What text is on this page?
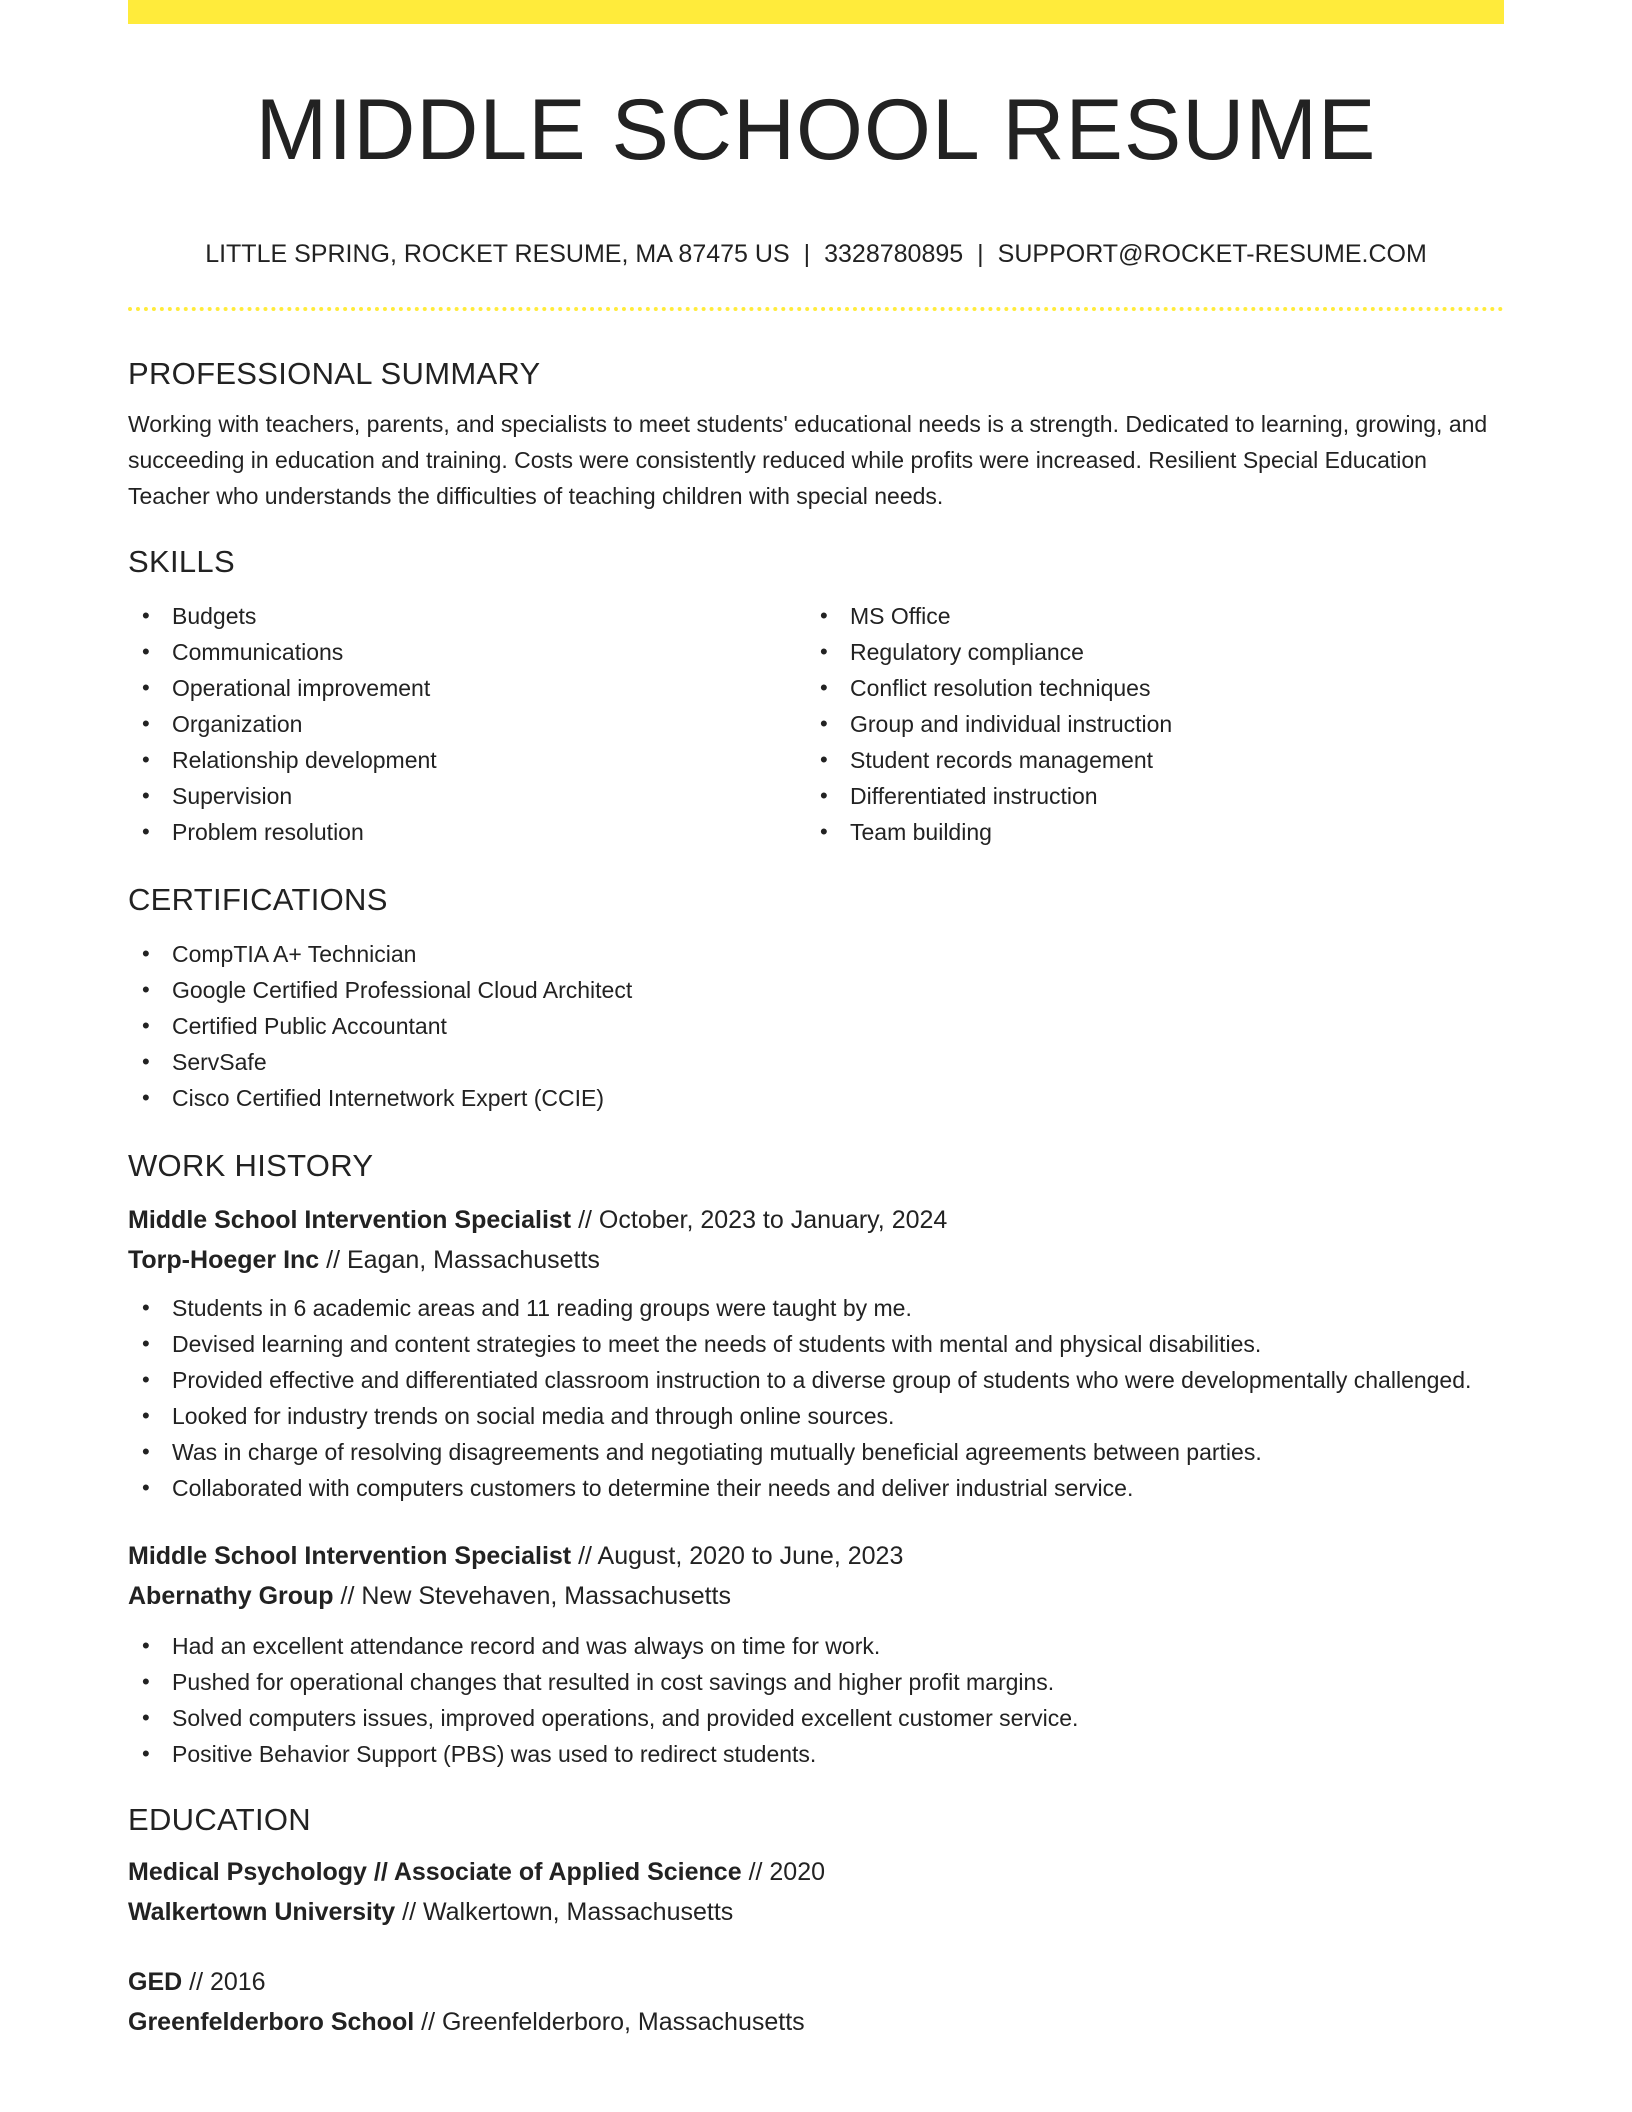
MIDDLE SCHOOL RESUME
LITTLE SPRING, ROCKET RESUME, MA 87475 US | 3328780895 | SUPPORT@ROCKET-RESUME.COM
PROFESSIONAL SUMMARY

Working with teachers, parents, and specialists to meet students' educational needs is a strength. Dedicated to learning, growing, and succeeding in education and training. Costs were consistently reduced while profits were increased. Resilient Special Education Teacher who understands the difficulties of teaching children with special needs.

SKILLS
• Budgets
• Communications
• Operational improvement
• Organization
• Relationship development
• Supervision
• Problem resolution
• MS Office
• Regulatory compliance
• Conflict resolution techniques
• Group and individual instruction
• Student records management
• Differentiated instruction
• Team building
CERTIFICATIONS
• CompTIA A+ Technician
• Google Certified Professional Cloud Architect
• Certified Public Accountant
• ServSafe
• Cisco Certified Internetwork Expert (CCIE)
WORK HISTORY
Middle School Intervention Specialist // October, 2023 to January, 2024
Torp-Hoeger Inc // Eagan, Massachusetts
• Students in 6 academic areas and 11 reading groups were taught by me.
• Devised learning and content strategies to meet the needs of students with mental and physical disabilities.
• Provided effective and differentiated classroom instruction to a diverse group of students who were developmentally challenged.
• Looked for industry trends on social media and through online sources.
• Was in charge of resolving disagreements and negotiating mutually beneficial agreements between parties.
• Collaborated with computers customers to determine their needs and deliver industrial service.
Middle School Intervention Specialist // August, 2020 to June, 2023
Abernathy Group // New Stevehaven, Massachusetts
• Had an excellent attendance record and was always on time for work.
• Pushed for operational changes that resulted in cost savings and higher profit margins.
• Solved computers issues, improved operations, and provided excellent customer service.
• Positive Behavior Support (PBS) was used to redirect students.
EDUCATION
Medical Psychology // Associate of Applied Science // 2020
Walkertown University // Walkertown, Massachusetts
GED // 2016
Greenfelderboro School // Greenfelderboro, Massachusetts
